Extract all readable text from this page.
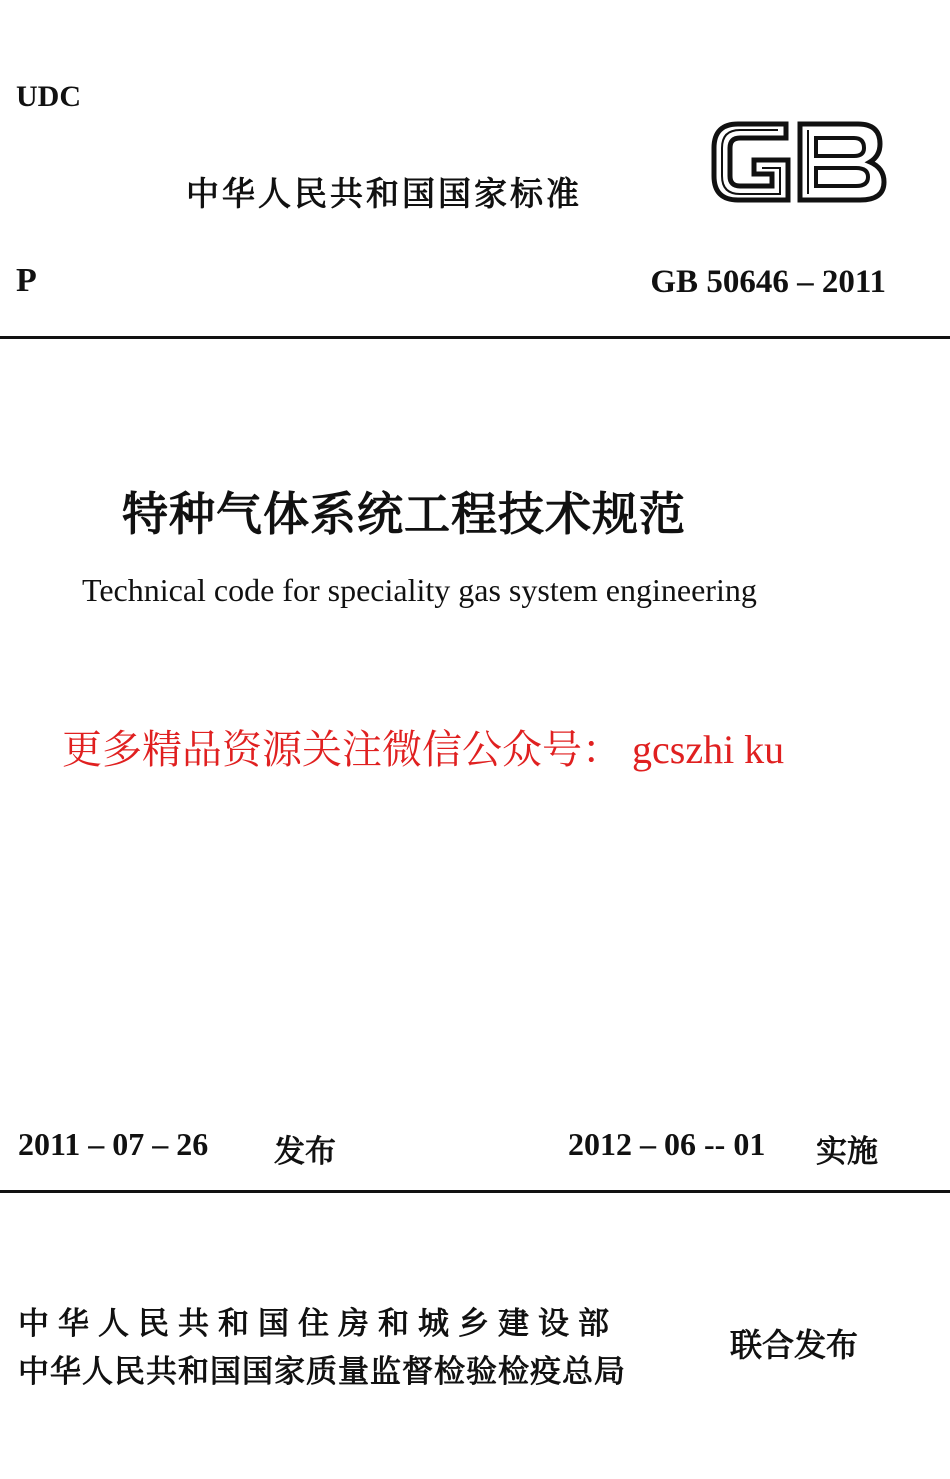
UDC
中华人民共和国国家标准
P	GB 50646 – 2011
特种气体系统工程技术规范
Technical code for speciality gas system engineering
更多精品资源关注微信公众号： gcszhi ku
2011 – 07 – 26 发布	2012 – 06 -- 01 实施
中华人民共和国住房和城乡建设部
中华人民共和国国家质量监督检验检疫总局
联合发布
